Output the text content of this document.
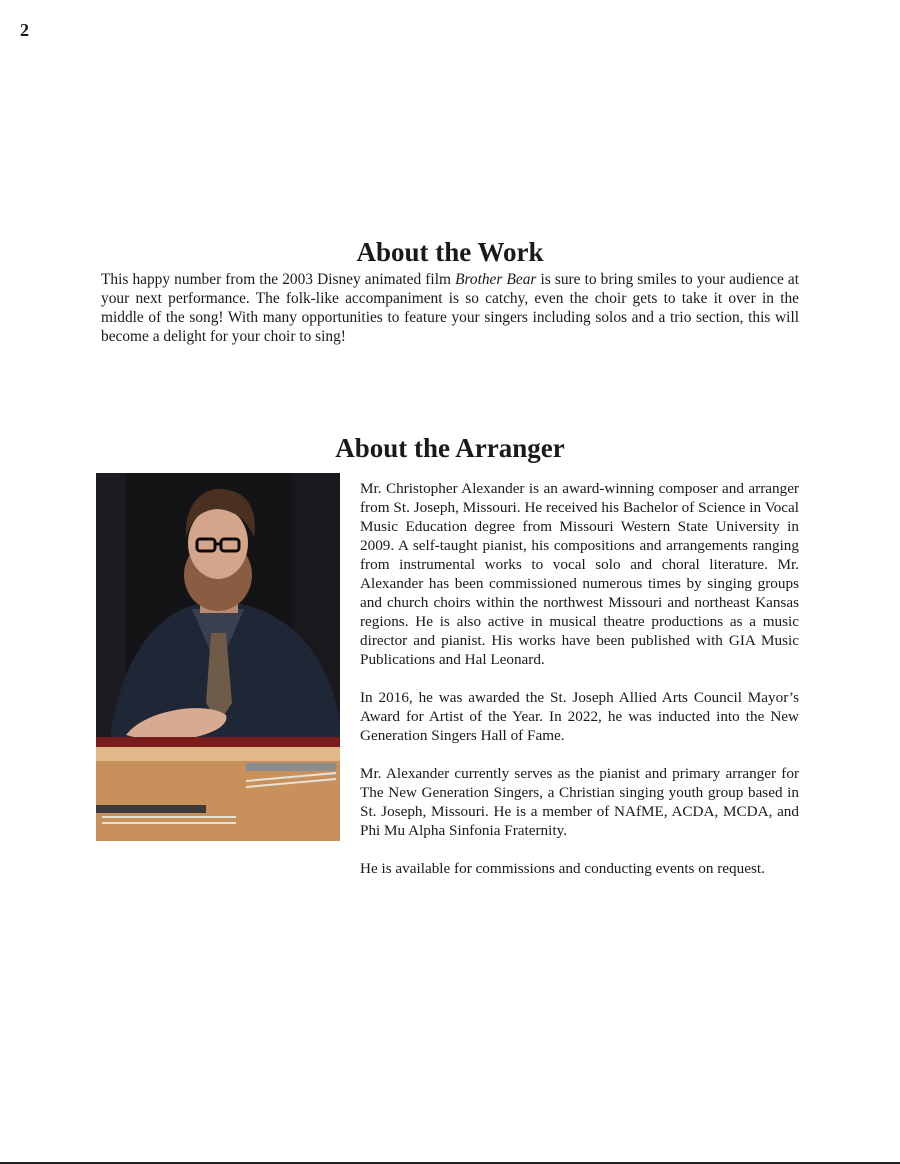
2
About the Work

This happy number from the 2003 Disney animated film Brother Bear is sure to bring smiles to your audience at your next performance. The folk-like accompaniment is so catchy, even the choir gets to take it over in the middle of the song! With many opportunities to feature your singers including solos and a trio section, this will become a delight for your choir to sing!

About the Arranger

Mr. Christopher Alexander is an award-winning composer and arranger from St. Joseph, Missouri. He received his Bachelor of Science in Vocal Music Education degree from Missouri Western State University in 2009. A self-taught pianist, his compositions and arrangements ranging from instrumental works to vocal solo and choral literature. Mr. Alexander has been commissioned numerous times by singing groups and church choirs within the northwest Missouri and northeast Kansas regions. He is also active in musical theatre productions as a music director and pianist. His works have been published with GIA Music Publications and Hal Leonard.

In 2016, he was awarded the St. Joseph Allied Arts Council Mayor’s Award for Artist of the Year. In 2022, he was inducted into the New Generation Singers Hall of Fame.

Mr. Alexander currently serves as the pianist and primary arranger for The New Generation Singers, a Christian singing youth group based in St. Joseph, Missouri. He is a member of NAfME, ACDA, MCDA, and Phi Mu Alpha Sinfonia Fraternity.

He is available for commissions and conducting events on request.
